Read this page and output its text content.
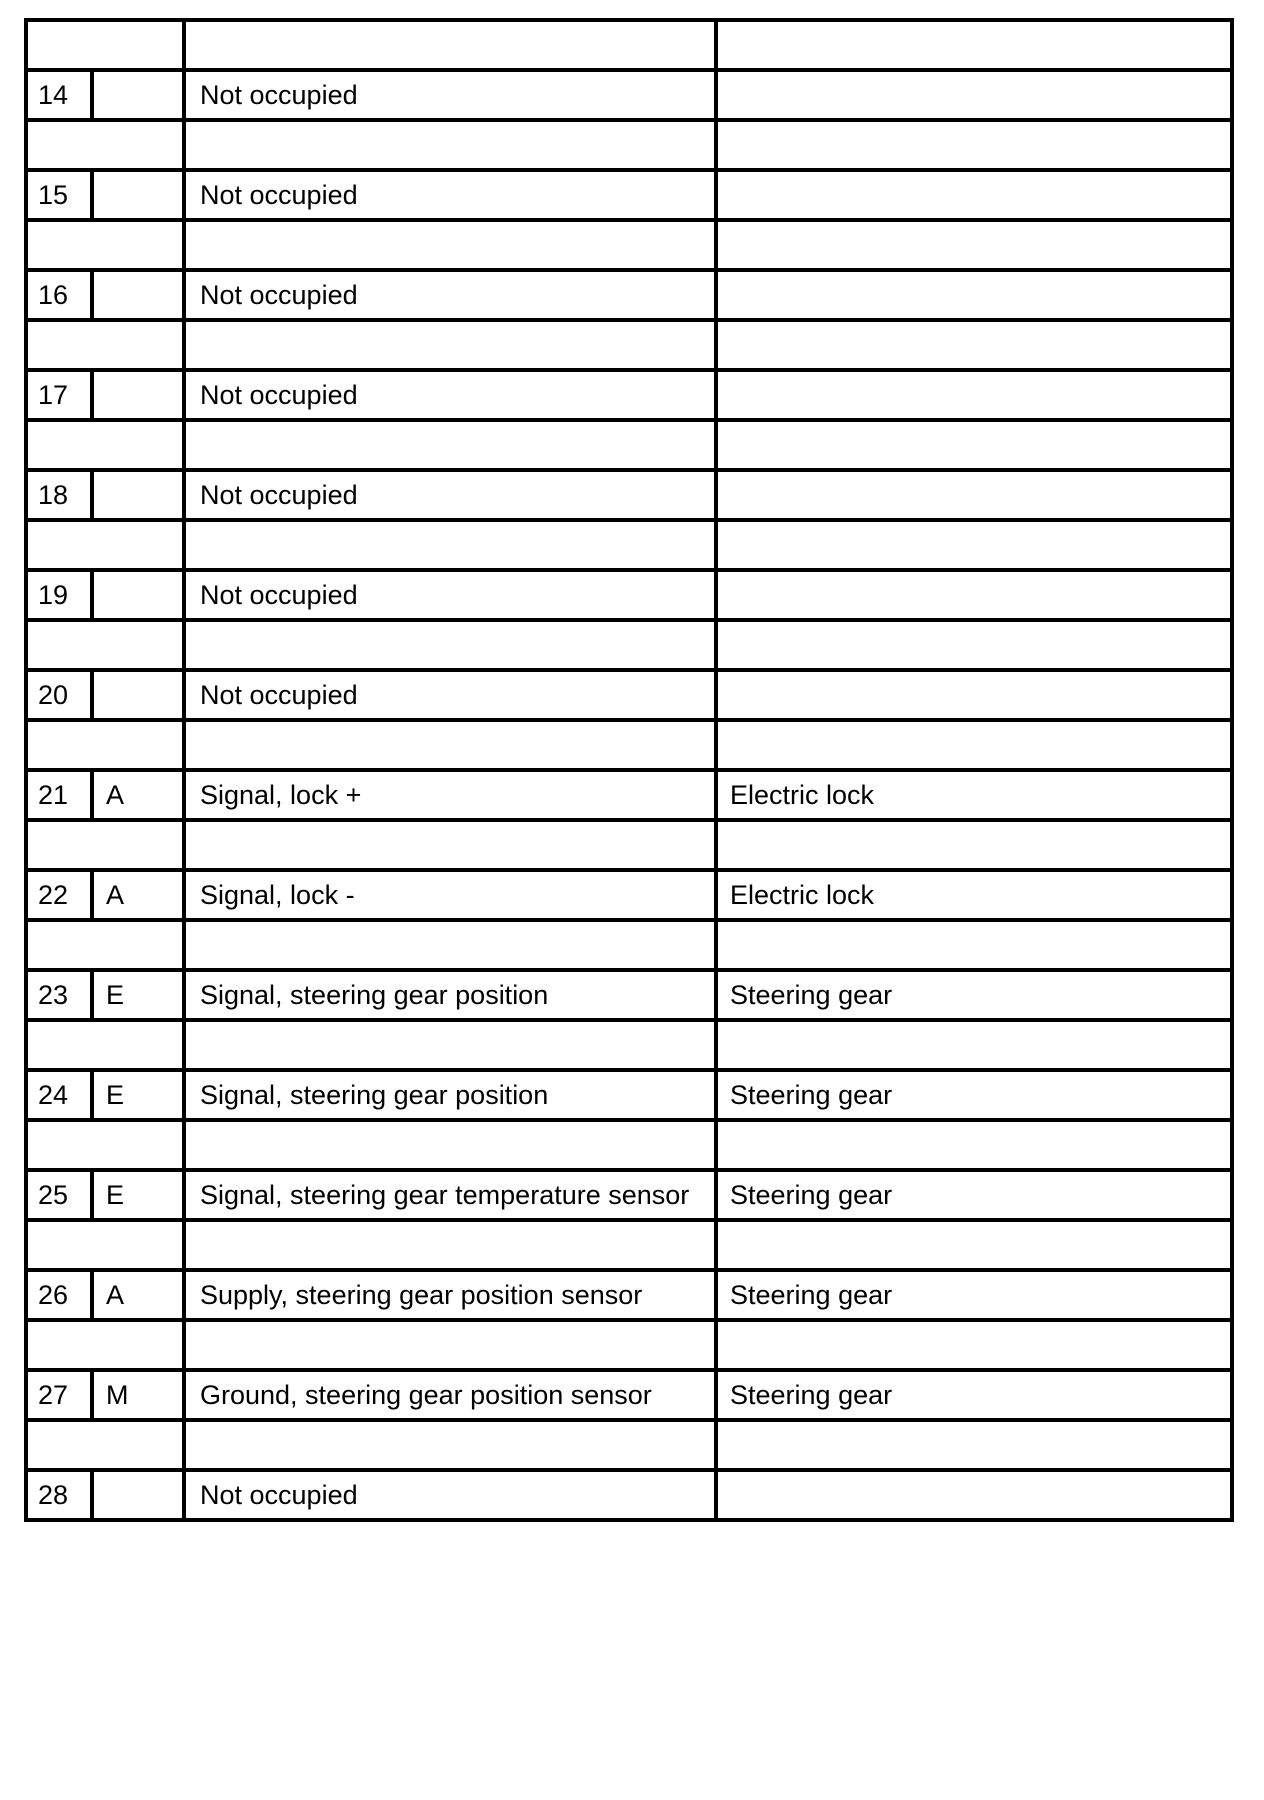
14		Not occupied	

15		Not occupied	

16		Not occupied	

17		Not occupied	

18		Not occupied	

19		Not occupied	

20		Not occupied	

21	A	Signal, lock +	Electric lock

22	A	Signal, lock -	Electric lock

23	E	Signal, steering gear position	Steering gear

24	E	Signal, steering gear position	Steering gear

25	E	Signal, steering gear temperature sensor	Steering gear

26	A	Supply, steering gear position sensor	Steering gear

27	M	Ground, steering gear position sensor	Steering gear

28		Not occupied	
